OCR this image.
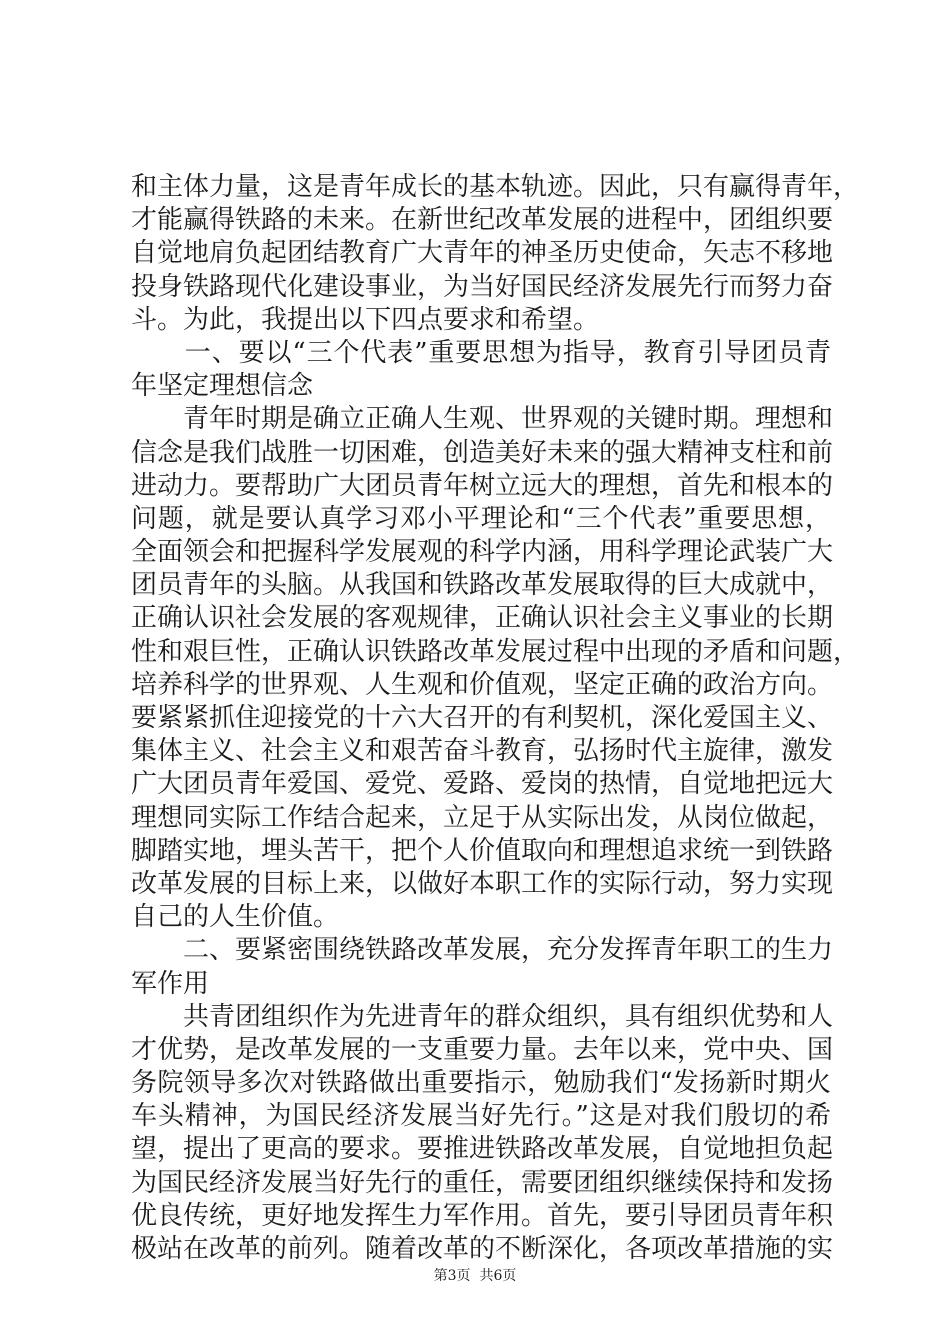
和主体力量，这是青年成长的基本轨迹。因此，只有赢得青年，
才能赢得铁路的未来。在新世纪改革发展的进程中，团组织要
自觉地肩负起团结教育广大青年的神圣历史使命，矢志不移地
投身铁路现代化建设事业，为当好国民经济发展先行而努力奋
斗。为此，我提出以下四点要求和希望。
　　一、要以“三个代表”重要思想为指导，教育引导团员青
年坚定理想信念
　　青年时期是确立正确人生观、世界观的关键时期。理想和
信念是我们战胜一切困难，创造美好未来的强大精神支柱和前
进动力。要帮助广大团员青年树立远大的理想，首先和根本的
问题，就是要认真学习邓小平理论和“三个代表”重要思想，
全面领会和把握科学发展观的科学内涵，用科学理论武装广大
团员青年的头脑。从我国和铁路改革发展取得的巨大成就中，
正确认识社会发展的客观规律，正确认识社会主义事业的长期
性和艰巨性，正确认识铁路改革发展过程中出现的矛盾和问题，
培养科学的世界观、人生观和价值观，坚定正确的政治方向。
要紧紧抓住迎接党的十六大召开的有利契机，深化爱国主义、
集体主义、社会主义和艰苦奋斗教育，弘扬时代主旋律，激发
广大团员青年爱国、爱党、爱路、爱岗的热情，自觉地把远大
理想同实际工作结合起来，立足于从实际出发，从岗位做起，
脚踏实地，埋头苦干，把个人价值取向和理想追求统一到铁路
改革发展的目标上来，以做好本职工作的实际行动，努力实现
自己的人生价值。
　　二、要紧密围绕铁路改革发展，充分发挥青年职工的生力
军作用
　　共青团组织作为先进青年的群众组织，具有组织优势和人
才优势，是改革发展的一支重要力量。去年以来，党中央、国
务院领导多次对铁路做出重要指示，勉励我们“发扬新时期火
车头精神，为国民经济发展当好先行。”这是对我们殷切的希
望，提出了更高的要求。要推进铁路改革发展，自觉地担负起
为国民经济发展当好先行的重任，需要团组织继续保持和发扬
优良传统，更好地发挥生力军作用。首先，要引导团员青年积
极站在改革的前列。随着改革的不断深化，各项改革措施的实
第3页  共6页
